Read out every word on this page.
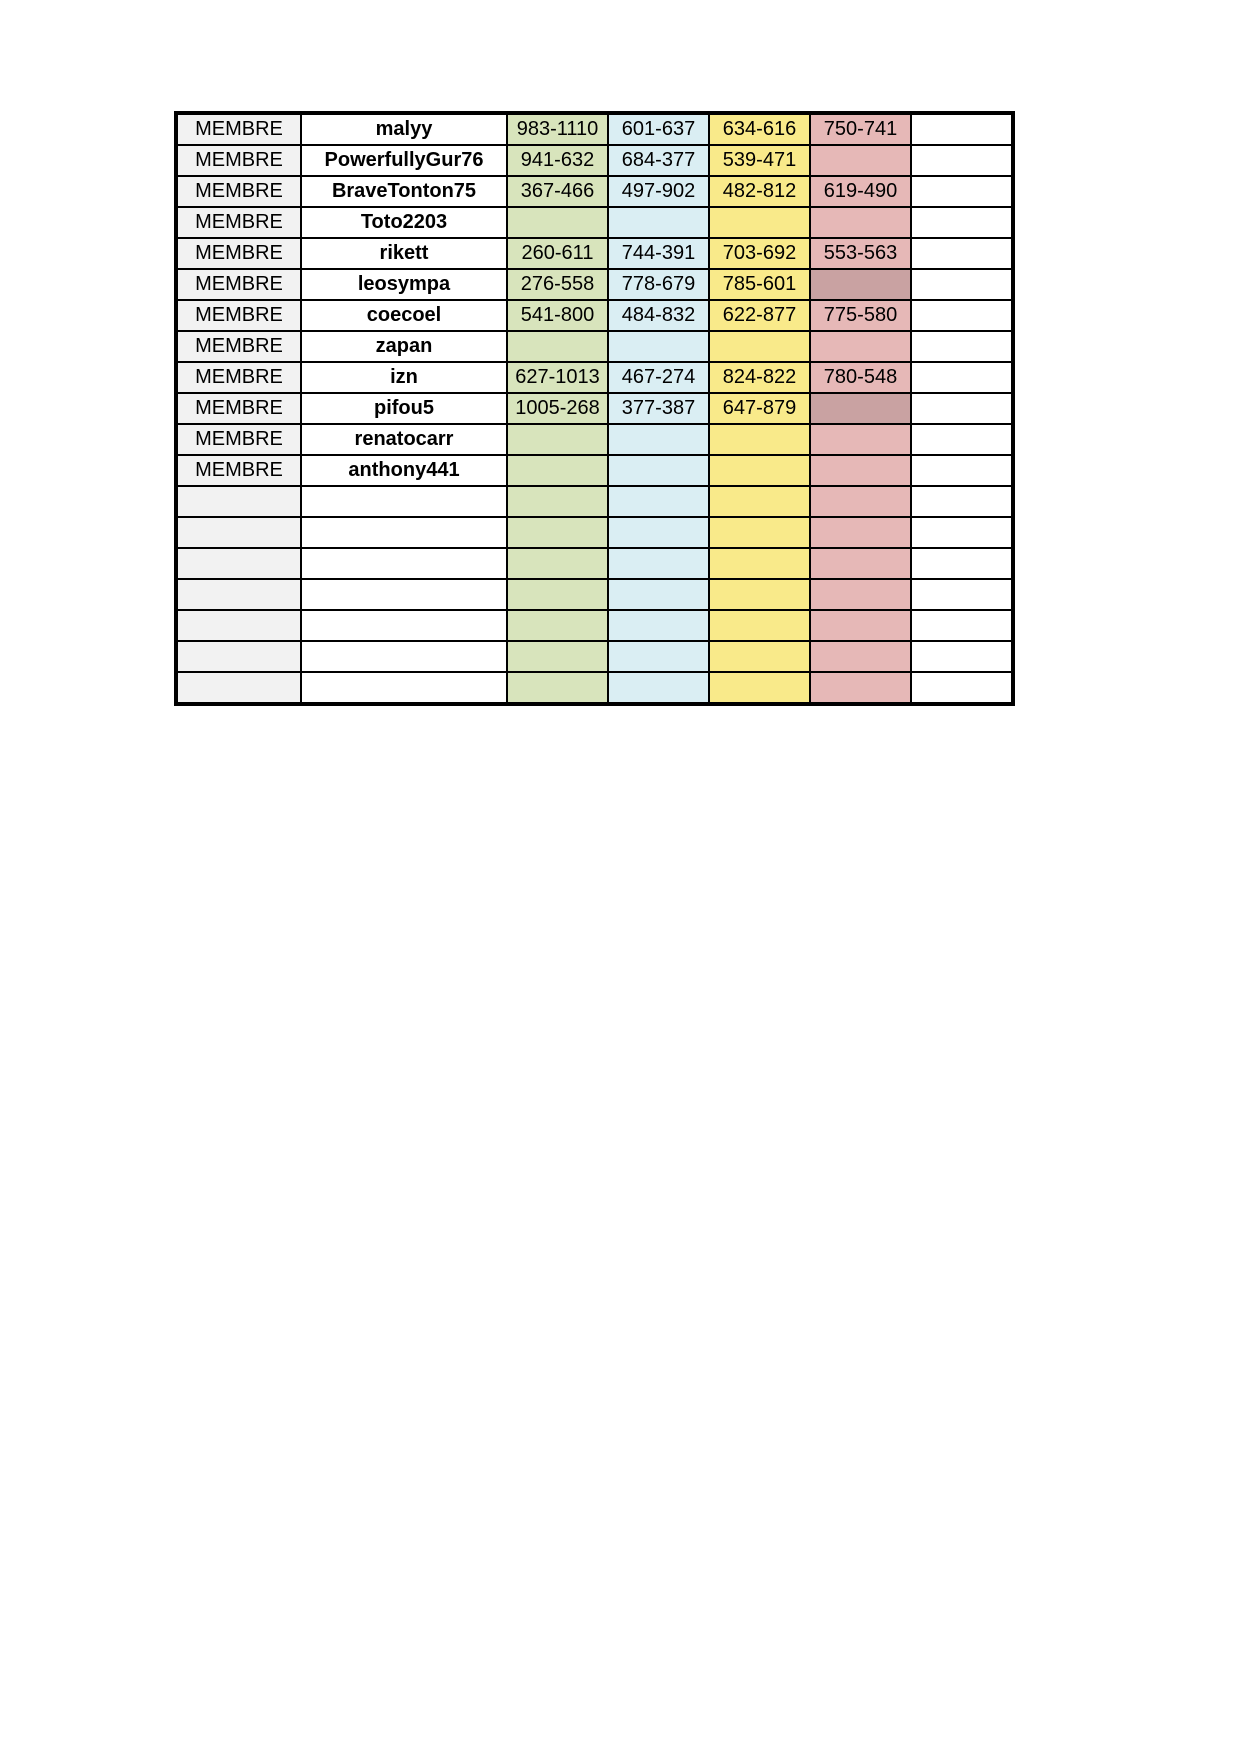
MEMBRE	malyy	983-1110	601-637	634-616	750-741	
MEMBRE	PowerfullyGur76	941-632	684-377	539-471		
MEMBRE	BraveTonton75	367-466	497-902	482-812	619-490	
MEMBRE	Toto2203					
MEMBRE	rikett	260-611	744-391	703-692	553-563	
MEMBRE	leosympa	276-558	778-679	785-601		
MEMBRE	coecoel	541-800	484-832	622-877	775-580	
MEMBRE	zapan					
MEMBRE	izn	627-1013	467-274	824-822	780-548	
MEMBRE	pifou5	1005-268	377-387	647-879		
MEMBRE	renatocarr					
MEMBRE	anthony441					
